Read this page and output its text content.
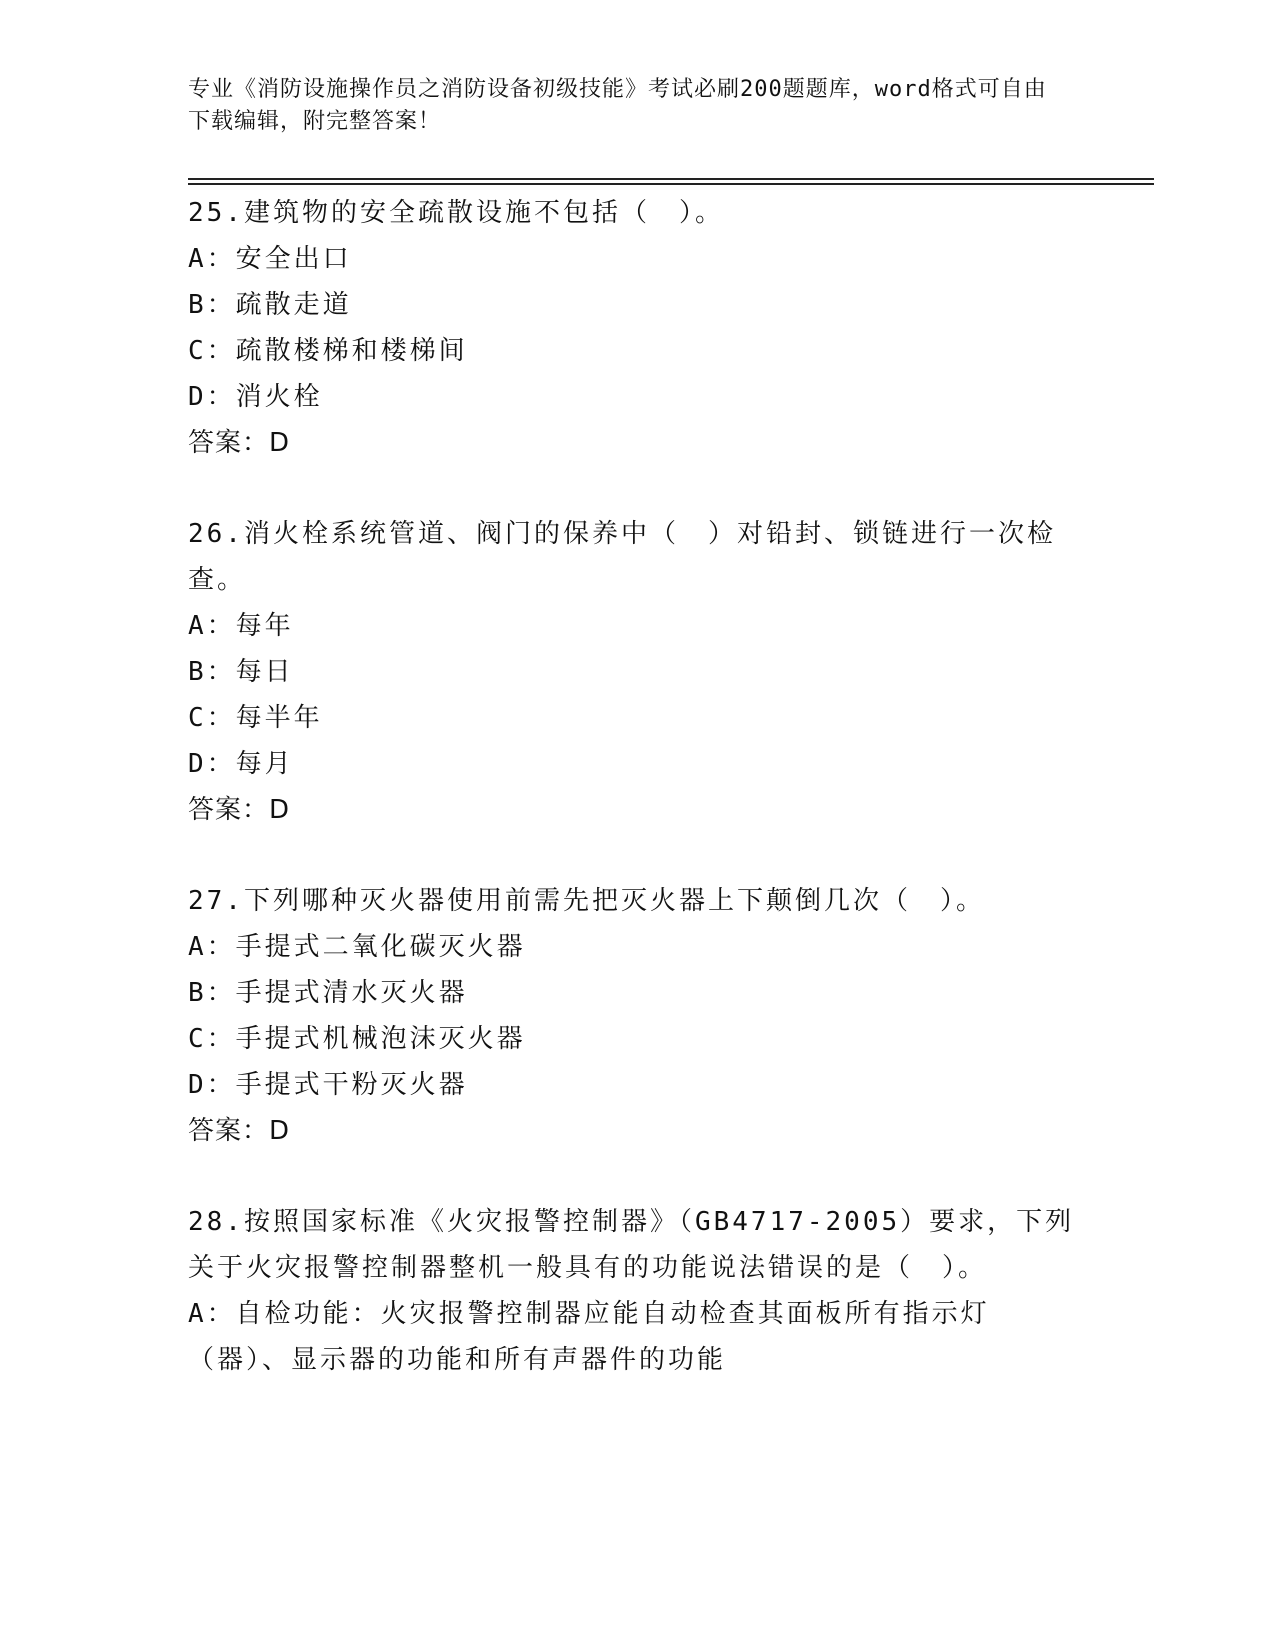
专业《消防设施操作员之消防设备初级技能》考试必刷200题题库，word格式可自由下载编辑，附完整答案！
25.建筑物的安全疏散设施不包括（　）。
A：安全出口
B：疏散走道
C：疏散楼梯和楼梯间
D：消火栓
答案：D
26.消火栓系统管道、阀门的保养中（　）对铅封、锁链进行一次检查。
A：每年
B：每日
C：每半年
D：每月
答案：D
27.下列哪种灭火器使用前需先把灭火器上下颠倒几次（　）。
A：手提式二氧化碳灭火器
B：手提式清水灭火器
C：手提式机械泡沫灭火器
D：手提式干粉灭火器
答案：D
28.按照国家标准《火灾报警控制器》（GB4717-2005）要求，下列关于火灾报警控制器整机一般具有的功能说法错误的是（　）。
A：自检功能：火灾报警控制器应能自动检查其面板所有指示灯（器）、显示器的功能和所有声器件的功能
